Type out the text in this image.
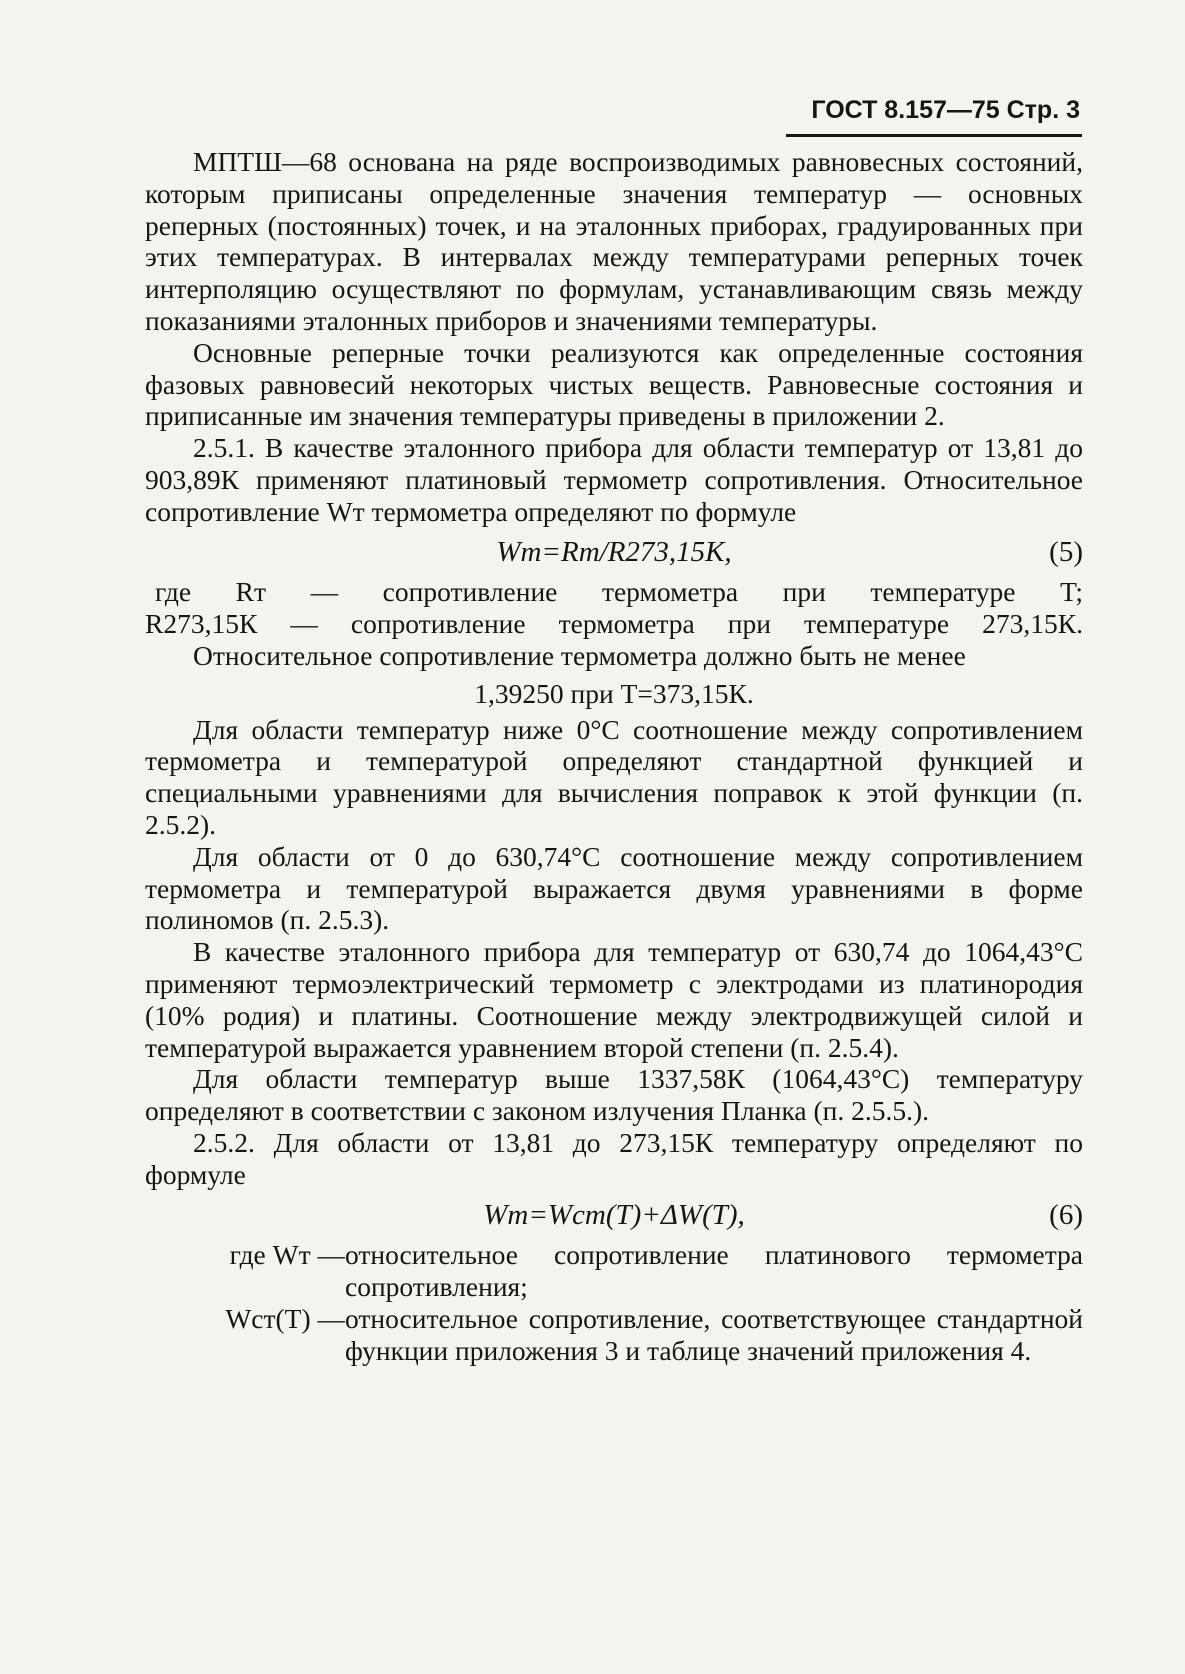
ГОСТ 8.157—75 Стр. 3

МПТШ—68 основана на ряде воспроизводимых равновесных состояний, которым приписаны определенные значения температур — основных реперных (постоянных) точек, и на эталонных приборах, градуированных при этих температурах. В интервалах между температурами реперных точек интерполяцию осуществляют по формулам, устанавливающим связь между показаниями эталонных приборов и значениями температуры.

Основные реперные точки реализуются как определенные состояния фазовых равновесий некоторых чистых веществ. Равновесные состояния и приписанные им значения температуры приведены в приложении 2.

2.5.1. В качестве эталонного прибора для области температур от 13,81 до 903,89К применяют платиновый термометр сопротивления. Относительное сопротивление Wт термометра определяют по формуле

Wт=Rт/R273,15К,	(5)

где Rт — сопротивление термометра при температуре T;

R273,15К — сопротивление термометра при температуре 273,15К.

Относительное сопротивление термометра должно быть не менее

1,39250 при T=373,15К.

Для области температур ниже 0°С соотношение между сопротивлением термометра и температурой определяют стандартной функцией и специальными уравнениями для вычисления поправок к этой функции (п. 2.5.2).

Для области от 0 до 630,74°С соотношение между сопротивлением термометра и температурой выражается двумя уравнениями в форме полиномов (п. 2.5.3).

В качестве эталонного прибора для температур от 630,74 до 1064,43°С применяют термоэлектрический термометр с электродами из платинородия (10% родия) и платины. Соотношение между электродвижущей силой и температурой выражается уравнением второй степени (п. 2.5.4).

Для области температур выше 1337,58К (1064,43°С) температуру определяют в соответствии с законом излучения Планка (п. 2.5.5.).

2.5.2. Для области от 13,81 до 273,15К температуру определяют по формуле

Wт=Wст(T)+ΔW(T),	(6)
где Wт — относительное сопротивление платинового термометра сопротивления;

Wст(T) — относительное сопротивление, соответствующее стандартной функции приложения 3 и таблице значений приложения 4.
